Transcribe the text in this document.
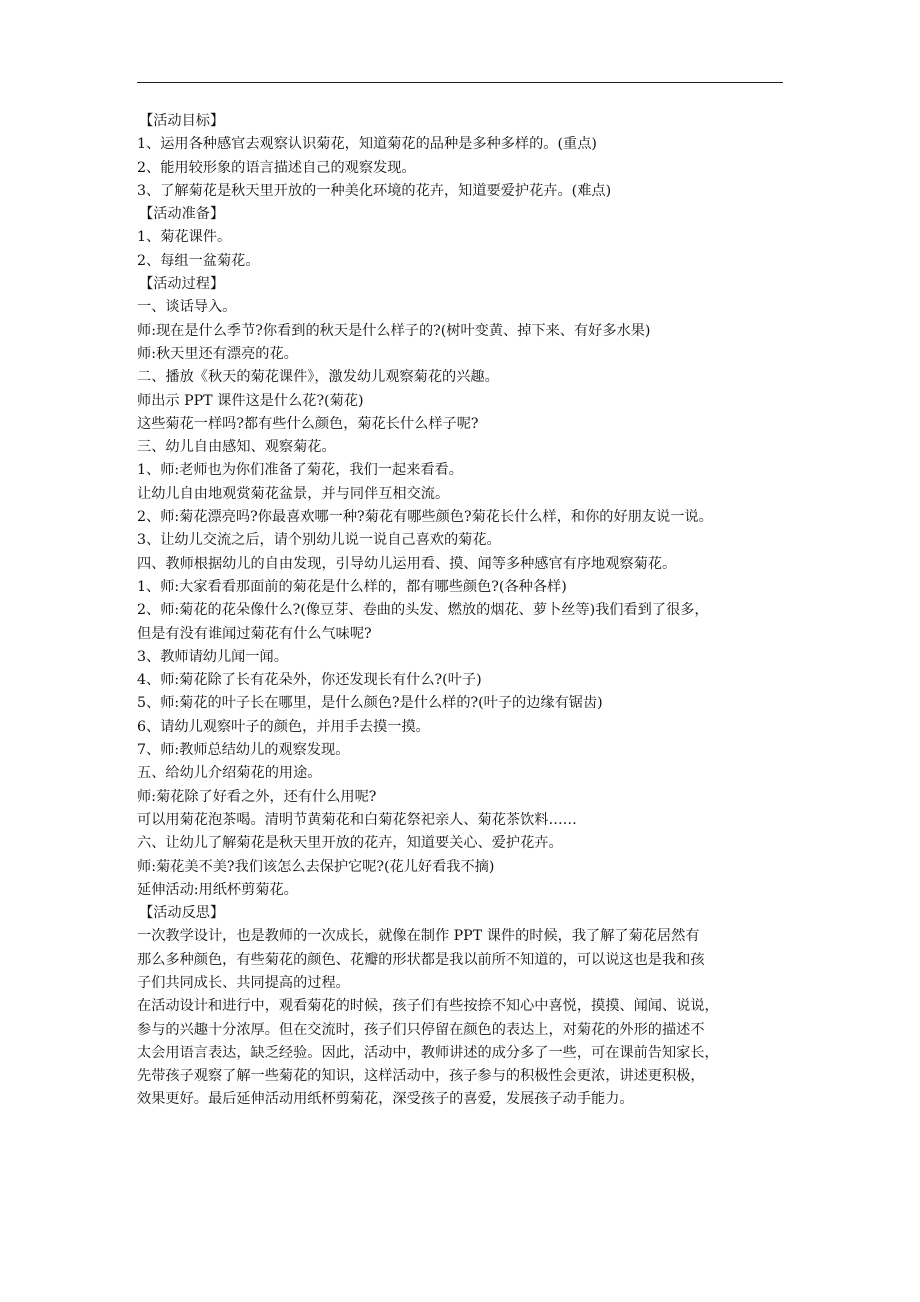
【活动目标】
1、运用各种感官去观察认识菊花，知道菊花的品种是多种多样的。(重点)
2、能用较形象的语言描述自己的观察发现。
3、了解菊花是秋天里开放的一种美化环境的花卉，知道要爱护花卉。(难点)
【活动准备】
1、菊花课件。
2、每组一盆菊花。
【活动过程】
一、谈话导入。
师:现在是什么季节?你看到的秋天是什么样子的?(树叶变黄、掉下来、有好多水果)
师:秋天里还有漂亮的花。
二、播放《秋天的菊花课件》，激发幼儿观察菊花的兴趣。
师出示 PPT 课件这是什么花?(菊花)
这些菊花一样吗?都有些什么颜色，菊花长什么样子呢?
三、幼儿自由感知、观察菊花。
1、师:老师也为你们准备了菊花，我们一起来看看。
让幼儿自由地观赏菊花盆景，并与同伴互相交流。
2、师:菊花漂亮吗?你最喜欢哪一种?菊花有哪些颜色?菊花长什么样，和你的好朋友说一说。
3、让幼儿交流之后，请个别幼儿说一说自己喜欢的菊花。
四、教师根据幼儿的自由发现，引导幼儿运用看、摸、闻等多种感官有序地观察菊花。
1、师:大家看看那面前的菊花是什么样的，都有哪些颜色?(各种各样)
2、师:菊花的花朵像什么?(像豆芽、卷曲的头发、燃放的烟花、萝卜丝等)我们看到了很多，
但是有没有谁闻过菊花有什么气味呢?
3、教师请幼儿闻一闻。
4、师:菊花除了长有花朵外，你还发现长有什么?(叶子)
5、师:菊花的叶子长在哪里，是什么颜色?是什么样的?(叶子的边缘有锯齿)
6、请幼儿观察叶子的颜色，并用手去摸一摸。
7、师:教师总结幼儿的观察发现。
五、给幼儿介绍菊花的用途。
师:菊花除了好看之外，还有什么用呢?
可以用菊花泡茶喝。清明节黄菊花和白菊花祭祀亲人、菊花茶饮料……
六、让幼儿了解菊花是秋天里开放的花卉，知道要关心、爱护花卉。
师:菊花美不美?我们该怎么去保护它呢?(花儿好看我不摘)
延伸活动:用纸杯剪菊花。
【活动反思】
一次教学设计，也是教师的一次成长，就像在制作 PPT 课件的时候，我了解了菊花居然有
那么多种颜色，有些菊花的颜色、花瓣的形状都是我以前所不知道的，可以说这也是我和孩
子们共同成长、共同提高的过程。
在活动设计和进行中，观看菊花的时候，孩子们有些按捺不知心中喜悦，摸摸、闻闻、说说，
参与的兴趣十分浓厚。但在交流时，孩子们只停留在颜色的表达上，对菊花的外形的描述不
太会用语言表达，缺乏经验。因此，活动中，教师讲述的成分多了一些，可在课前告知家长，
先带孩子观察了解一些菊花的知识，这样活动中，孩子参与的积极性会更浓，讲述更积极，
效果更好。最后延伸活动用纸杯剪菊花，深受孩子的喜爱，发展孩子动手能力。
